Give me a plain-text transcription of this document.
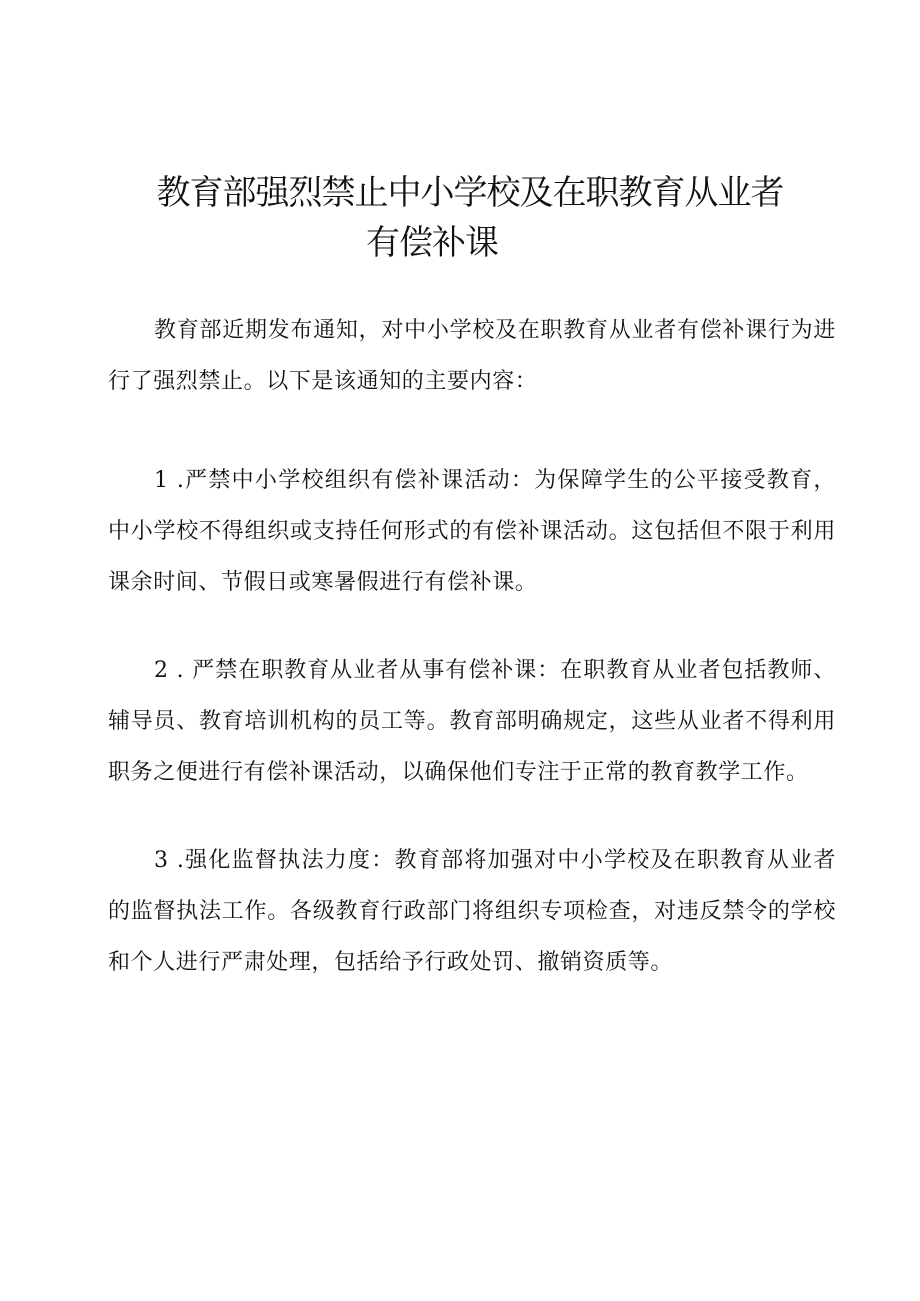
教育部强烈禁止中小学校及在职教育从业者
有偿补课

教育部近期发布通知，对中小学校及在职教育从业者有偿补课行为进行了强烈禁止。以下是该通知的主要内容：

1 .严禁中小学校组织有偿补课活动：为保障学生的公平接受教育，中小学校不得组织或支持任何形式的有偿补课活动。这包括但不限于利用课余时间、节假日或寒暑假进行有偿补课。

2 . 严禁在职教育从业者从事有偿补课：在职教育从业者包括教师、辅导员、教育培训机构的员工等。教育部明确规定，这些从业者不得利用职务之便进行有偿补课活动，以确保他们专注于正常的教育教学工作。

3 .强化监督执法力度：教育部将加强对中小学校及在职教育从业者的监督执法工作。各级教育行政部门将组织专项检查，对违反禁令的学校和个人进行严肃处理，包括给予行政处罚、撤销资质等。
